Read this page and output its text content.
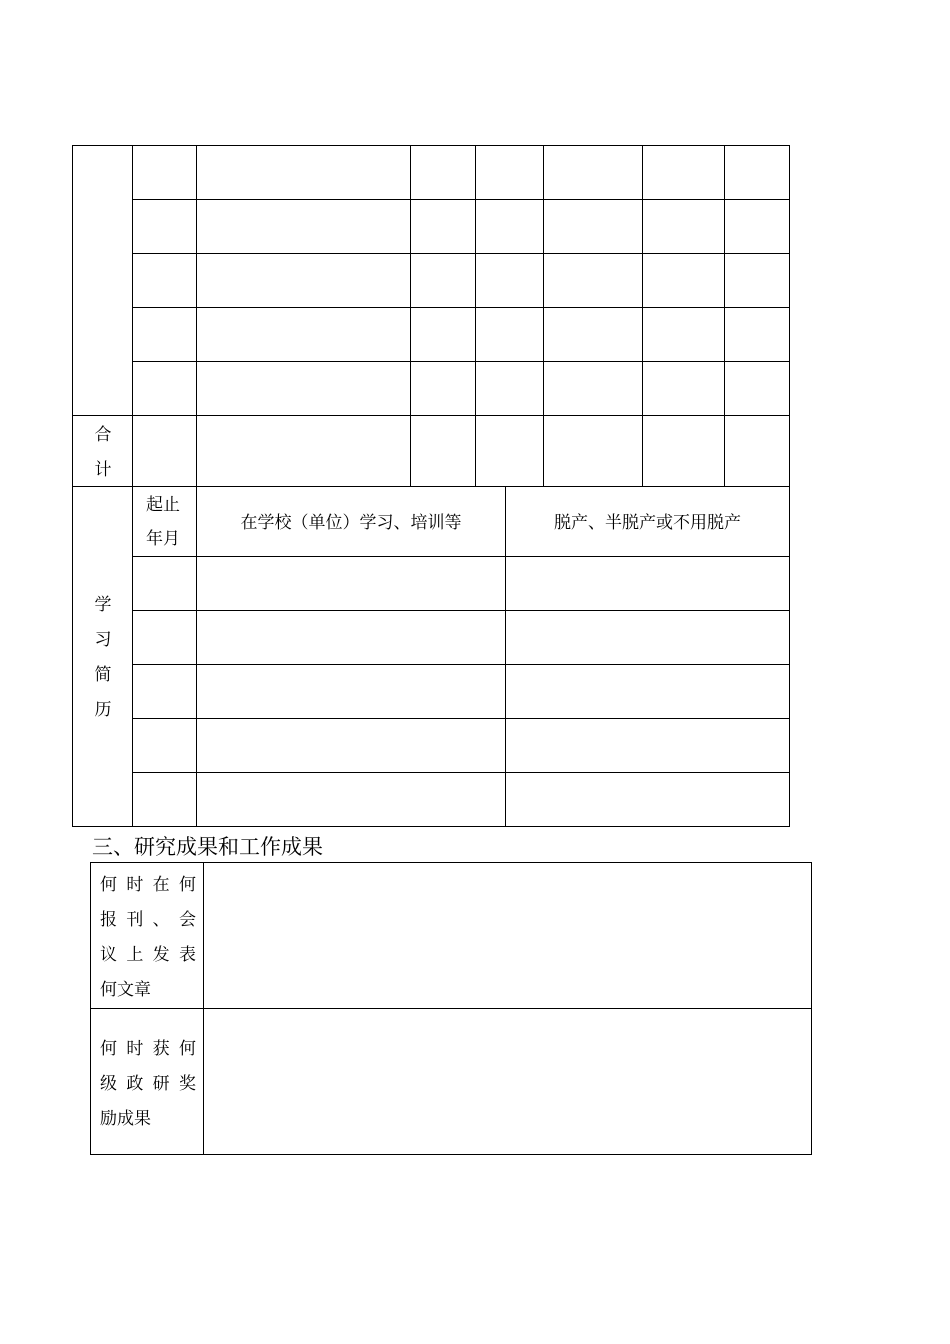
合
计
学
习
简
历
起止
年月
在学校（单位）学习、培训等	脱产、半脱产或不用脱产
三、研究成果和工作成果
何时在何
报刊、会
议上发表
何文章
何时获何
级政研奖
励成果
